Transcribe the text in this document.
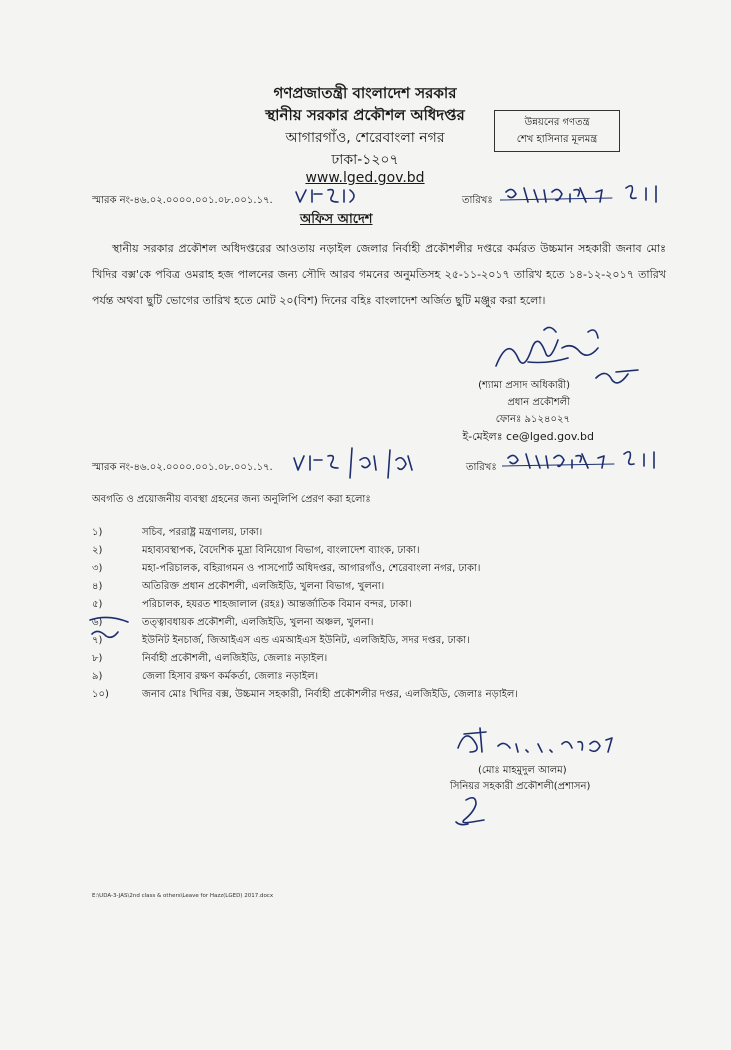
গণপ্রজাতন্ত্রী বাংলাদেশ সরকার
স্থানীয় সরকার প্রকৌশল অধিদপ্তর
আগারগাঁও, শেরেবাংলা নগর
ঢাকা-১২০৭
www.lged.gov.bd
উন্নয়নের গণতন্ত্র
শেখ হাসিনার মূলমন্ত্র
স্মারক নং-৪৬.০২.০০০০.০০১.০৮.০০১.১৭.	তারিখঃ
অফিস আদেশ
স্থানীয় সরকার প্রকৌশল অধিদপ্তরের আওতায় নড়াইল জেলার নির্বাহী প্রকৌশলীর দপ্তরে কর্মরত উচ্চমান সহকারী জনাব মোঃ খিদির বক্স'কে পবিত্র ওমরাহ হজ পালনের জন্য সৌদি আরব গমনের অনুমতিসহ ২৫-১১-২০১৭ তারিখ হতে ১৪-১২-২০১৭ তারিখ পর্যন্ত অথবা ছুটি ভোগের তারিখ হতে মোট ২০(বিশ) দিনের বহিঃ বাংলাদেশ অর্জিত ছুটি মঞ্জুর করা হলো।
(শ্যামা প্রসাদ অধিকারী)
প্রধান প্রকৌশলী
ফোনঃ ৯১২৪০২৭
ই-মেইলঃ ce@lged.gov.bd
স্মারক নং-৪৬.০২.০০০০.০০১.০৮.০০১.১৭.	তারিখঃ
অবগতি ও প্রয়োজনীয় ব্যবস্থা গ্রহনের জন্য অনুলিপি প্রেরণ করা হলোঃ
১)	সচিব, পররাষ্ট্র মন্ত্রণালয়, ঢাকা।
২)	মহাব্যবস্থাপক, বৈদেশিক মুদ্রা বিনিয়োগ বিভাগ, বাংলাদেশ ব্যাংক, ঢাকা।
৩)	মহা-পরিচালক, বহিরাগমন ও পাসপোর্ট অধিদপ্তর, আগারগাঁও, শেরেবাংলা নগর, ঢাকা।
৪)	অতিরিক্ত প্রধান প্রকৌশলী, এলজিইডি, খুলনা বিভাগ, খুলনা।
৫)	পরিচালক, হযরত শাহজালাল (রহঃ) আন্তর্জাতিক বিমান বন্দর, ঢাকা।
৬)	তত্ত্বাবধায়ক প্রকৌশলী, এলজিইডি, খুলনা অঞ্চল, খুলনা।
৭)	ইউনিট ইনচার্জ, জিআইএস এন্ড এমআইএস ইউনিট, এলজিইডি, সদর দপ্তর, ঢাকা।
৮)	নির্বাহী প্রকৌশলী, এলজিইডি, জেলাঃ নড়াইল।
৯)	জেলা হিসাব রক্ষণ কর্মকর্তা, জেলাঃ নড়াইল।
১০)	জনাব মোঃ খিদির বক্স, উচ্চমান সহকারী, নির্বাহী প্রকৌশলীর দপ্তর, এলজিইডি, জেলাঃ নড়াইল।
(মোঃ মাহমুদুল আলম)
সিনিয়র সহকারী প্রকৌশলী(প্রশাসন)
E:\UDA-3-JAS\2nd class & others\Leave for Hazz(LGED) 2017.docx
